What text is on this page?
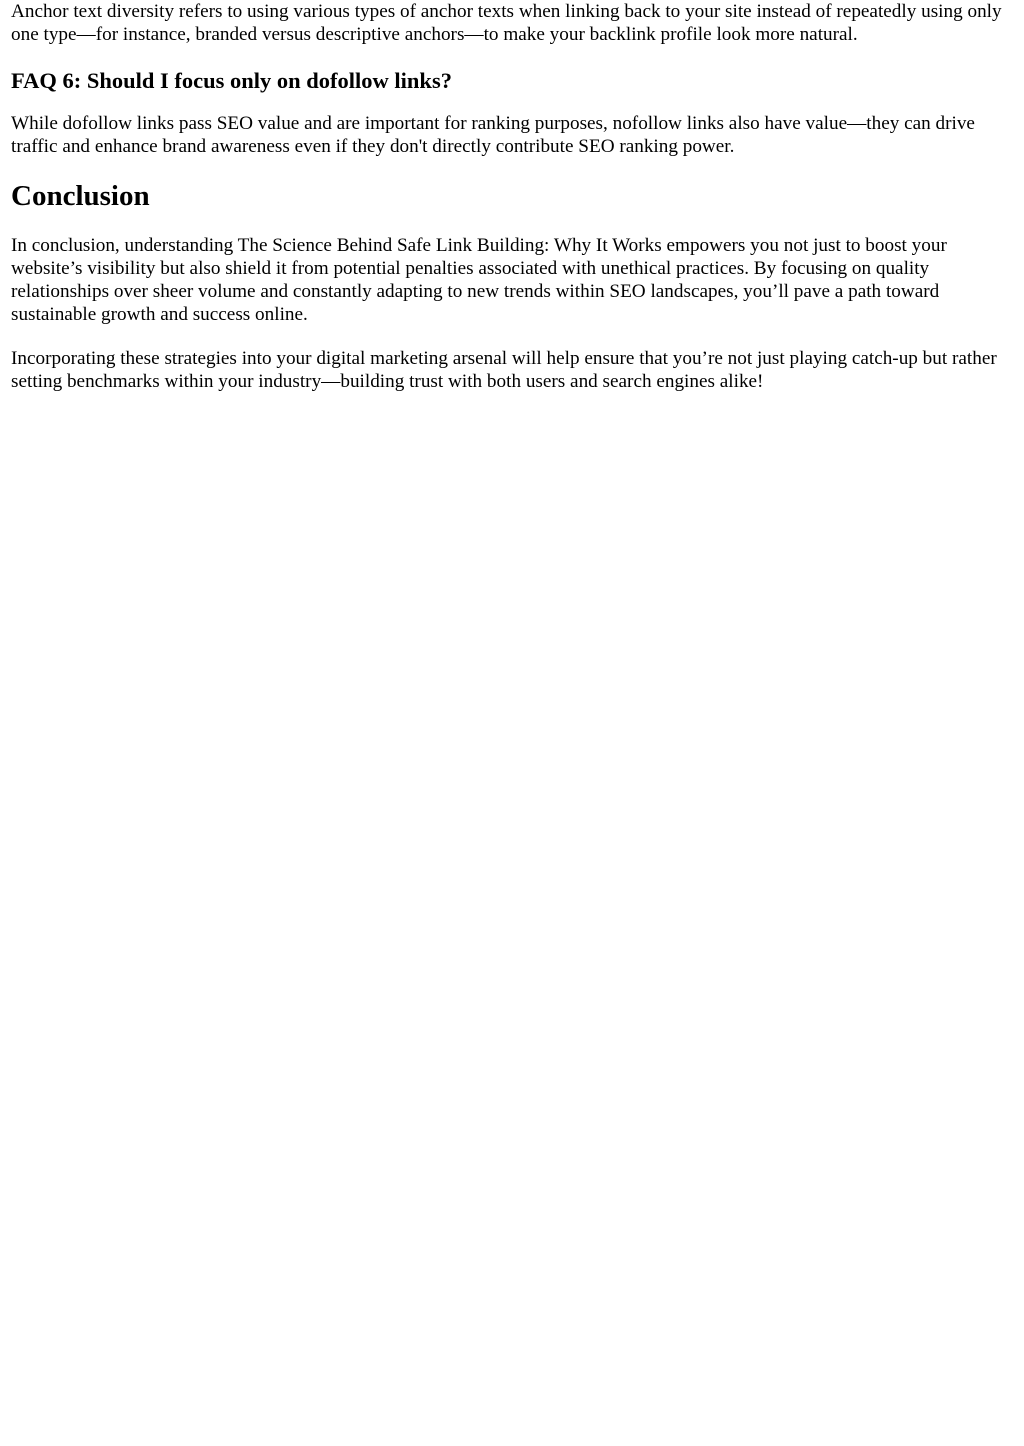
Anchor text diversity refers to using various types of anchor texts when linking back to your site instead of repeatedly using only one type—for instance, branded versus descriptive anchors—to make your backlink profile look more natural.

FAQ 6: Should I focus only on dofollow links?

While dofollow links pass SEO value and are important for ranking purposes, nofollow links also have value—they can drive traffic and enhance brand awareness even if they don't directly contribute SEO ranking power.

Conclusion

In conclusion, understanding The Science Behind Safe Link Building: Why It Works empowers you not just to boost your website’s visibility but also shield it from potential penalties associated with unethical practices. By focusing on quality relationships over sheer volume and constantly adapting to new trends within SEO landscapes, you’ll pave a path toward sustainable growth and success online.

Incorporating these strategies into your digital marketing arsenal will help ensure that you’re not just playing catch-up but rather setting benchmarks within your industry—building trust with both users and search engines alike!
